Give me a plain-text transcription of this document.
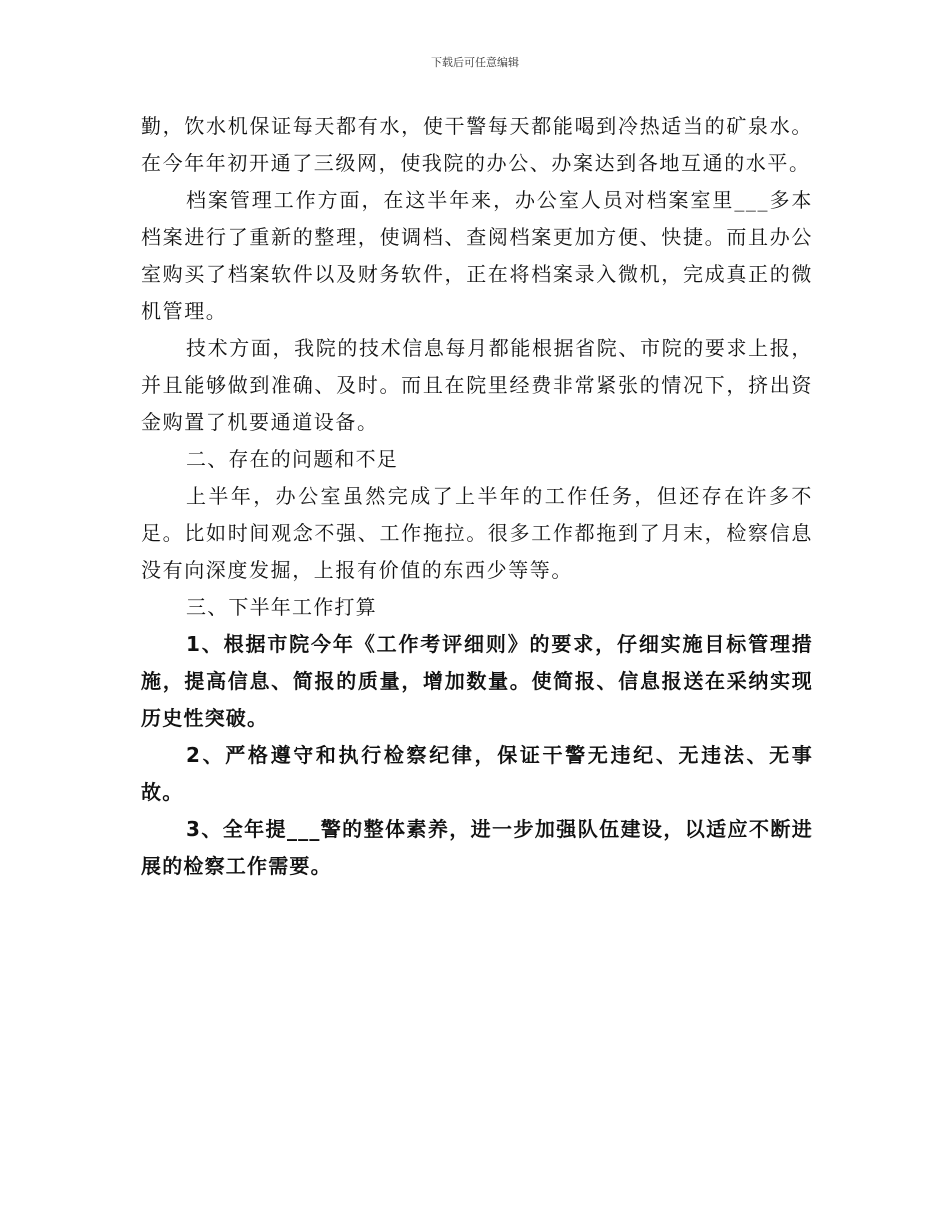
下载后可任意编辑

勤，饮水机保证每天都有水，使干警每天都能喝到冷热适当的矿泉水。在今年年初开通了三级网，使我院的办公、办案达到各地互通的水平。

档案管理工作方面，在这半年来，办公室人员对档案室里___多本档案进行了重新的整理，使调档、查阅档案更加方便、快捷。而且办公室购买了档案软件以及财务软件，正在将档案录入微机，完成真正的微机管理。

技术方面，我院的技术信息每月都能根据省院、市院的要求上报，并且能够做到准确、及时。而且在院里经费非常紧张的情况下，挤出资金购置了机要通道设备。

二、存在的问题和不足

上半年，办公室虽然完成了上半年的工作任务，但还存在许多不足。比如时间观念不强、工作拖拉。很多工作都拖到了月末，检察信息没有向深度发掘，上报有价值的东西少等等。

三、下半年工作打算

1、根据市院今年《工作考评细则》的要求，仔细实施目标管理措施，提高信息、简报的质量，增加数量。使简报、信息报送在采纳实现历史性突破。

2、严格遵守和执行检察纪律，保证干警无违纪、无违法、无事故。

3、全年提___警的整体素养，进一步加强队伍建设，以适应不断进展的检察工作需要。
